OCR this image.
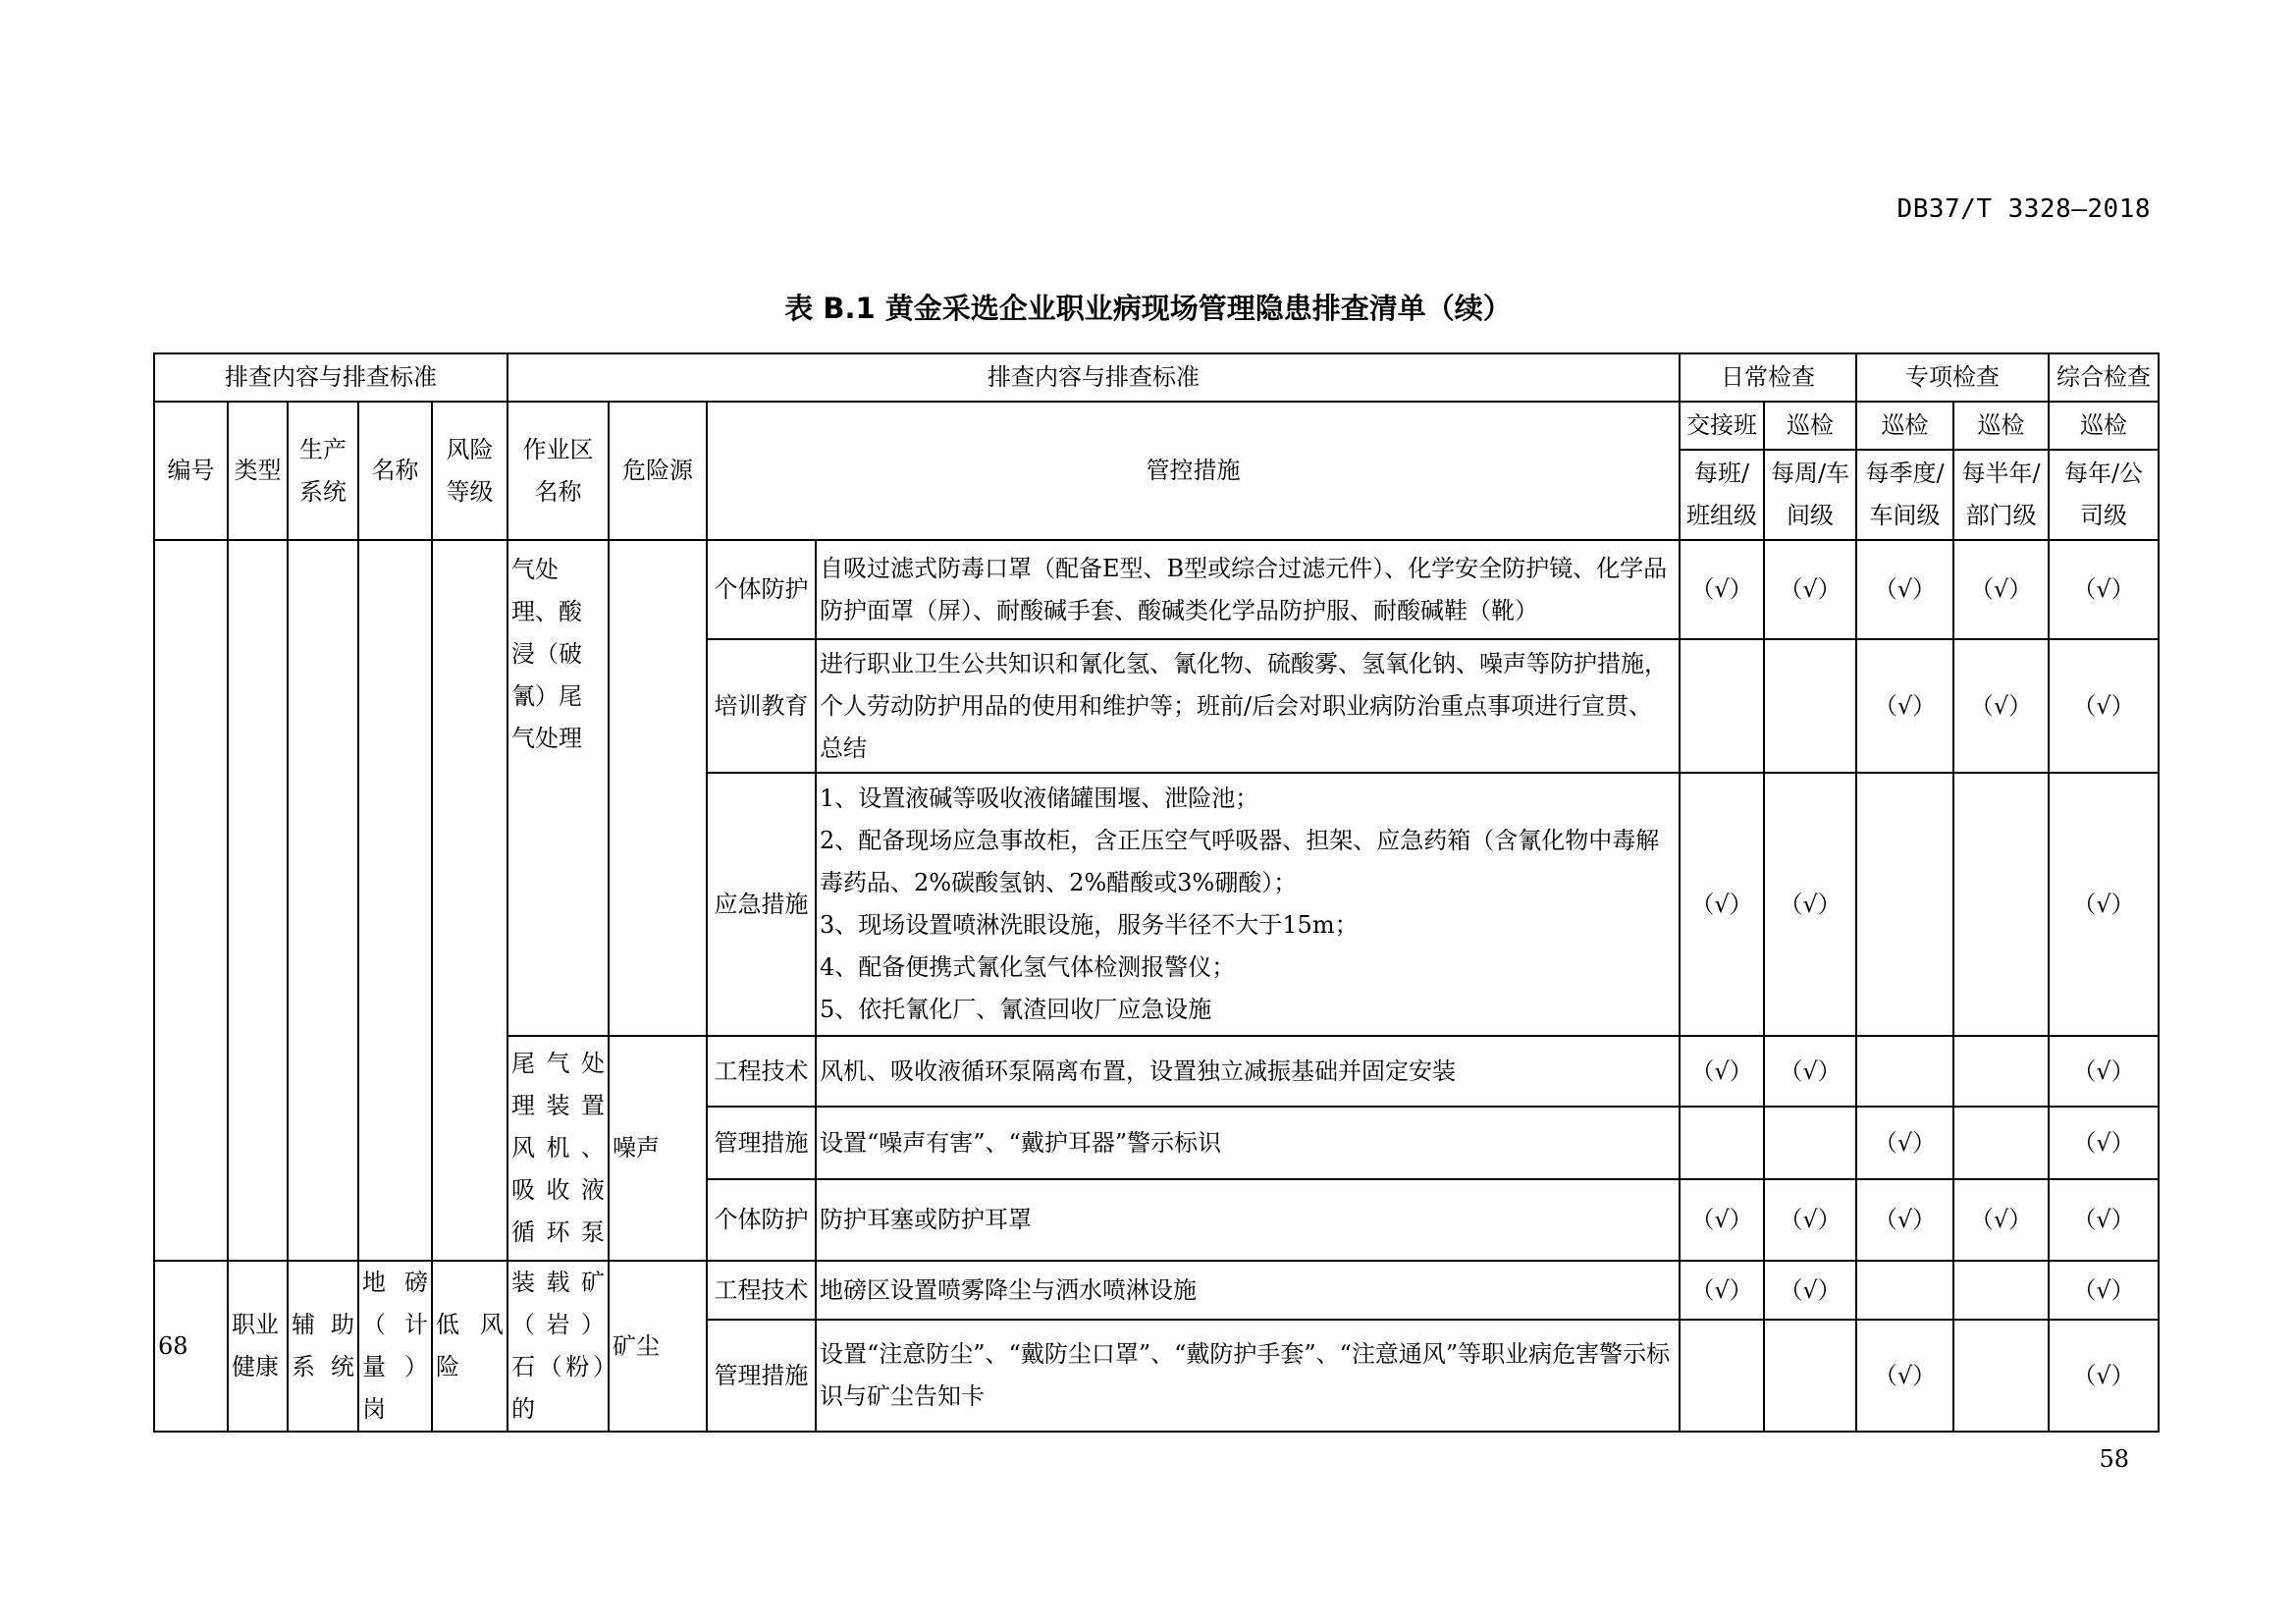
DB37/T 3328—2018
表 B.1 黄金采选企业职业病现场管理隐患排查清单（续）
排查内容与排查标准					排查内容与排查标准				日常检查		专项检查		综合检查
编号	类型	生产系统	名称	风险等级	作业区名称	危险源	管控措施		交接班	巡检	巡检	巡检	巡检
									每班/班组级	每周/车间级	每季度/车间级	每半年/部门级	每年/公司级
					气处理、酸浸（破氰）尾气处理		个体防护	自吸过滤式防毒口罩（配备E型、B型或综合过滤元件）、化学安全防护镜、化学品防护面罩（屏）、耐酸碱手套、酸碱类化学品防护服、耐酸碱鞋（靴）	（√）	（√）	（√）	（√）	（√）
							培训教育	进行职业卫生公共知识和氰化氢、氰化物、硫酸雾、氢氧化钠、噪声等防护措施，个人劳动防护用品的使用和维护等；班前/后会对职业病防治重点事项进行宣贯、总结			（√）	（√）	（√）
							应急措施	1、设置液碱等吸收液储罐围堰、泄险池；
2、配备现场应急事故柜，含正压空气呼吸器、担架、应急药箱（含氰化物中毒解毒药品、2%碳酸氢钠、2%醋酸或3%硼酸）；
3、现场设置喷淋洗眼设施，服务半径不大于15m；
4、配备便携式氰化氢气体检测报警仪；
5、依托氰化厂、氰渣回收厂应急设施	（√）	（√）			（√）
					尾气处理装置风机、吸收液循环泵	噪声	工程技术	风机、吸收液循环泵隔离布置，设置独立减振基础并固定安装	（√）	（√）			（√）
							管理措施	设置“噪声有害”、“戴护耳器”警示标识			（√）		（√）
							个体防护	防护耳塞或防护耳罩	（√）	（√）	（√）	（√）	（√）
68	职业健康	辅助系统	地磅（计量）岗	低风险	装载矿（岩）石（粉）的	矿尘	工程技术	地磅区设置喷雾降尘与洒水喷淋设施	（√）	（√）			（√）
							管理措施	设置“注意防尘”、“戴防尘口罩”、“戴防护手套”、“注意通风”等职业病危害警示标识与矿尘告知卡			（√）		（√）
58
